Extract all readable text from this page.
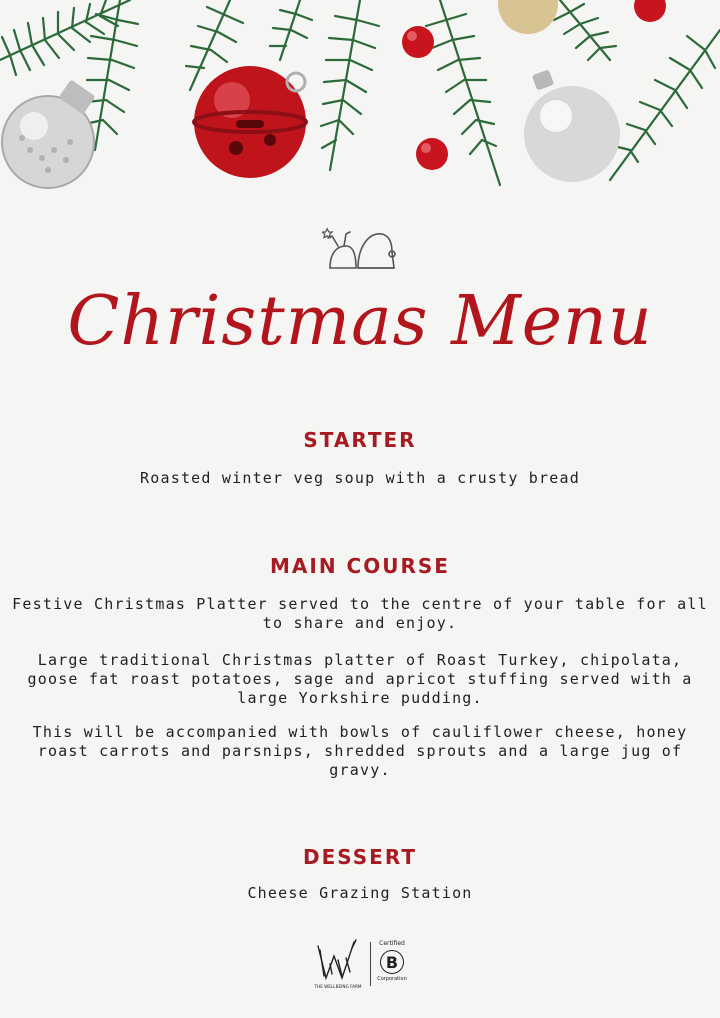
Christmas Menu
STARTER
Roasted winter veg soup with a crusty bread
MAIN COURSE

Festive Christmas Platter served to the centre of your table for all
to share and enjoy.

Large traditional Christmas platter of Roast Turkey, chipolata,
goose fat roast potatoes, sage and apricot stuffing served with a
large Yorkshire pudding.

This will be accompanied with bowls of cauliflower cheese, honey
roast carrots and parsnips, shredded sprouts and a large jug of
gravy.

DESSERT
Cheese Grazing Station
THE WELLBEING FARM
Certified
B
Corporation
